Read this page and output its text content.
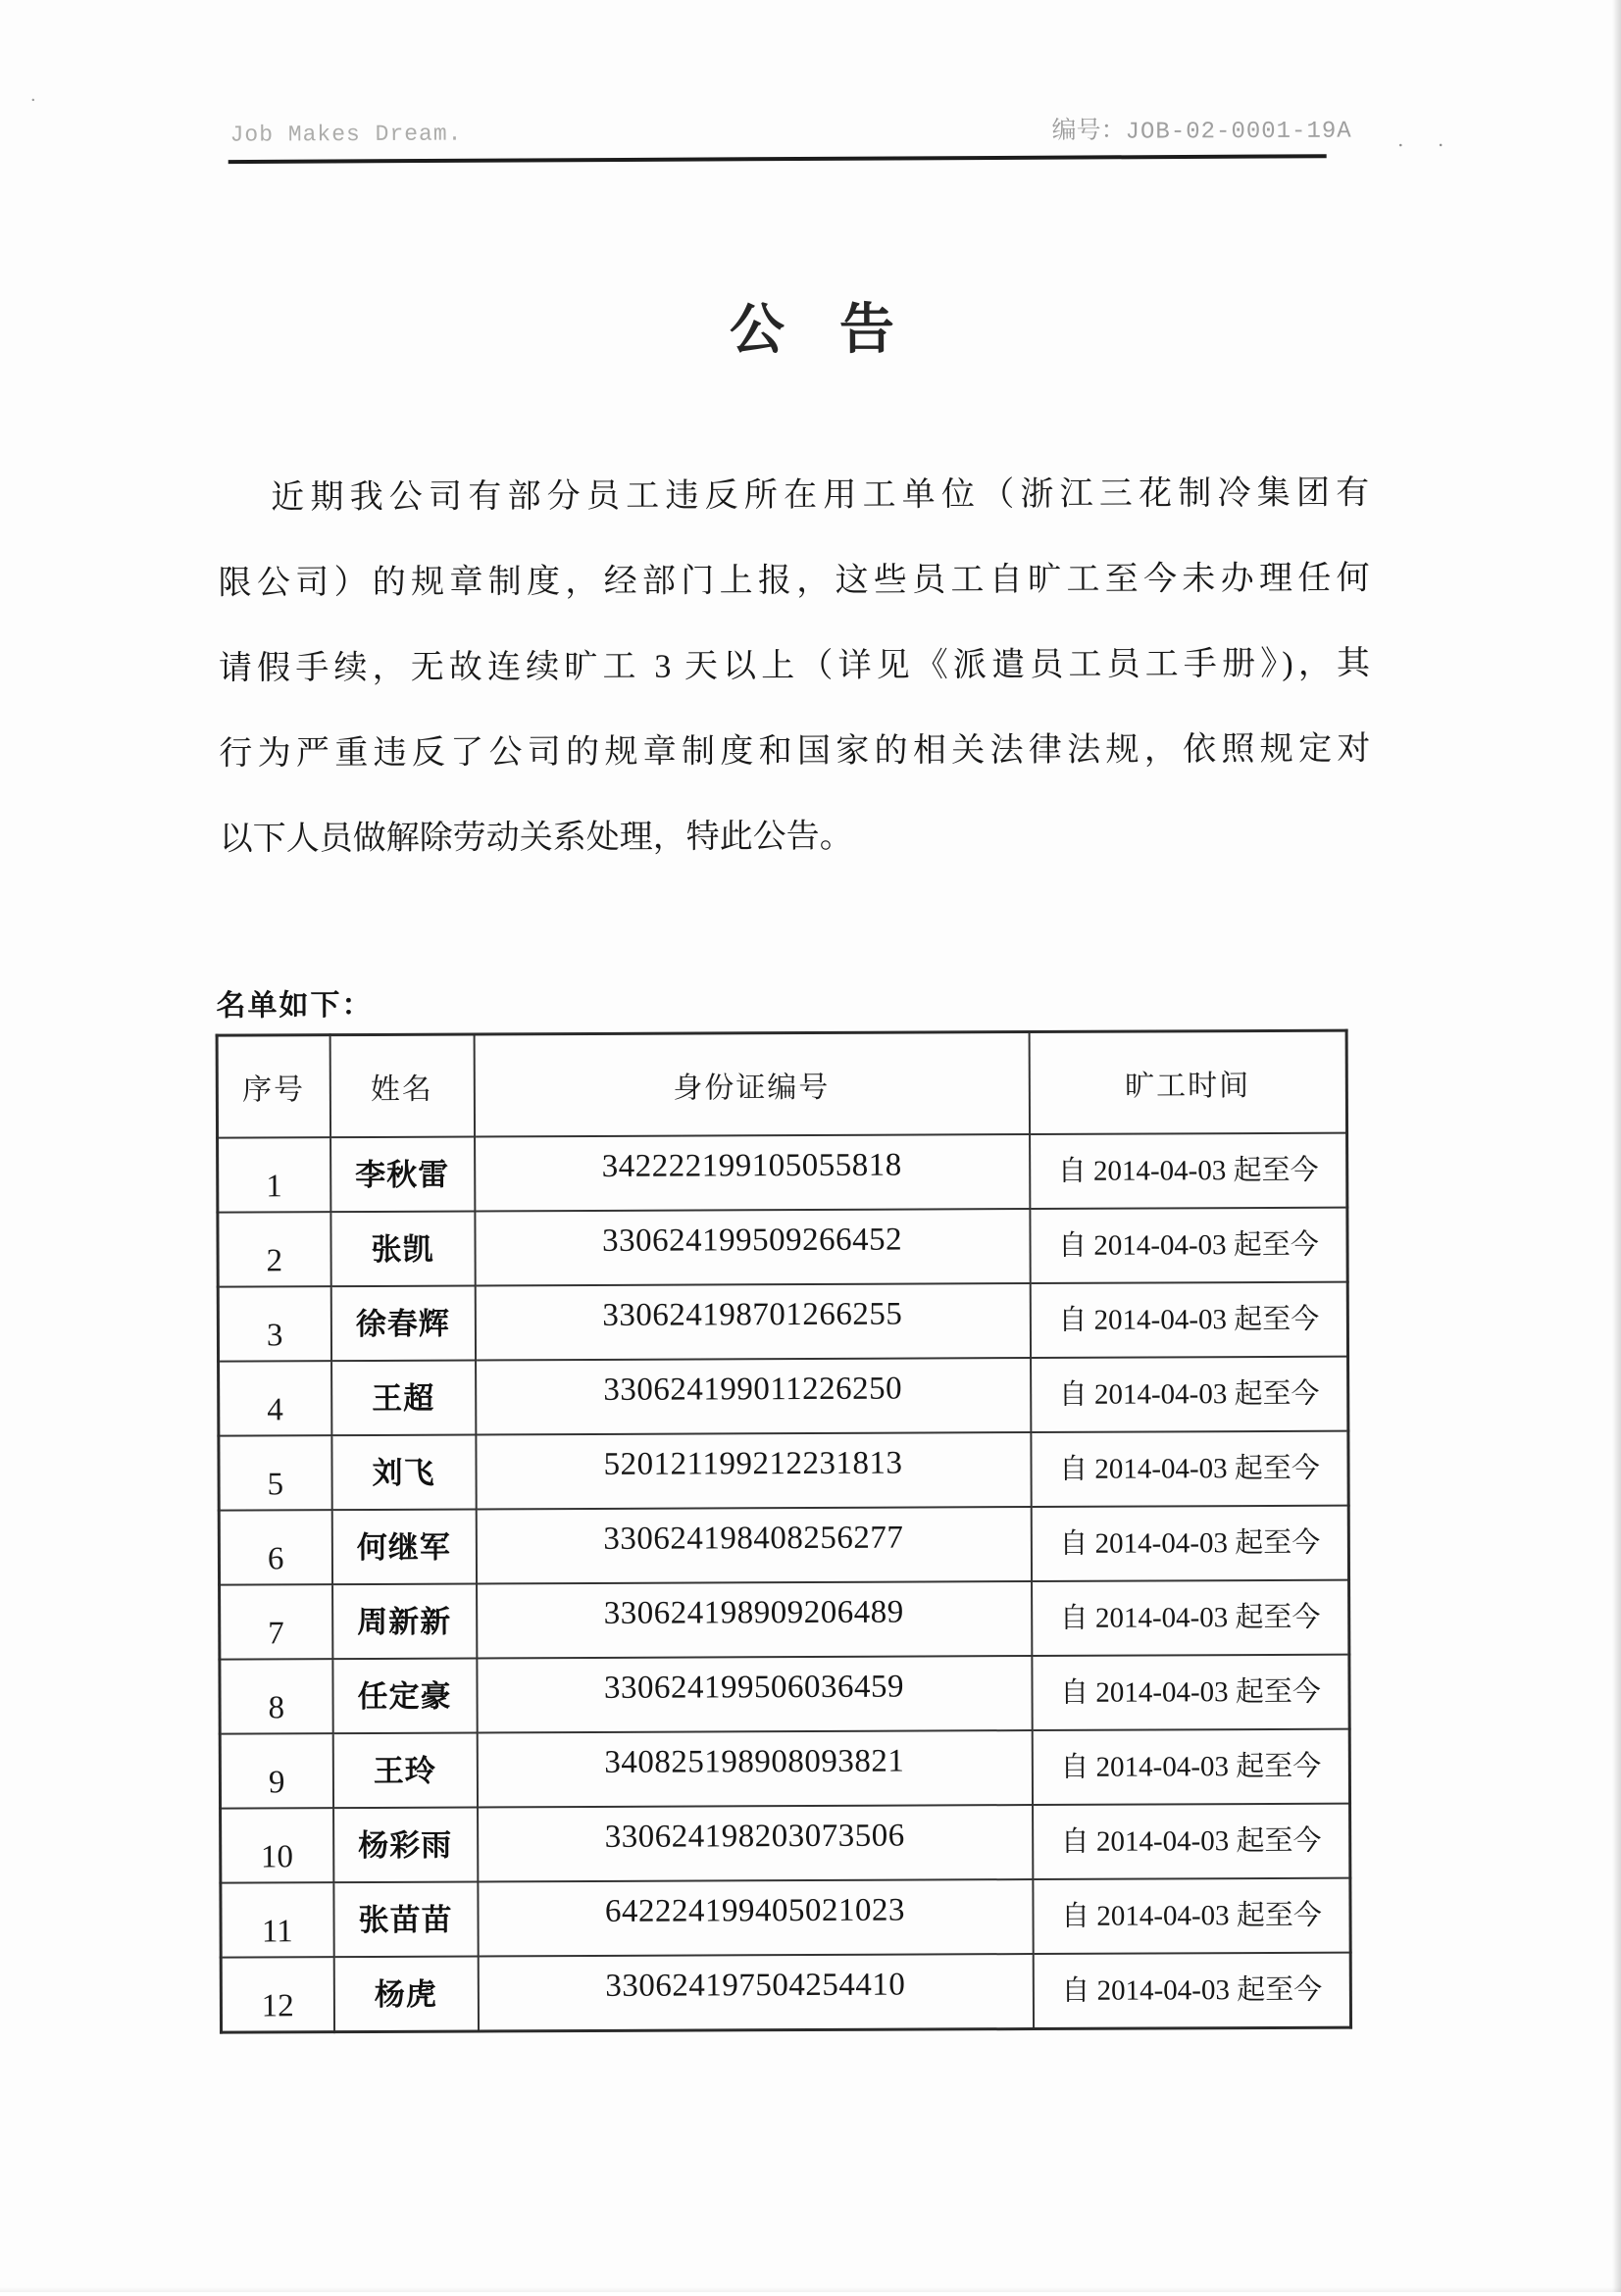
·
Job Makes Dream.	编号：JOB-02-0001-19A · ·
公　告
近期我公司有部分员工违反所在用工单位（浙江三花制冷集团有
限公司）的规章制度，经部门上报，这些员工自旷工至今未办理任何
请假手续，无故连续旷工 3 天以上（详见《派遣员工员工手册》)，其
行为严重违反了公司的规章制度和国家的相关法律法规，依照规定对
以下人员做解除劳动关系处理，特此公告。
名单如下：
序号	姓名	身份证编号	旷工时间
1	李秋雷	342222199105055818	自 2014-04-03 起至今
2	张凯	330624199509266452	自 2014-04-03 起至今
3	徐春辉	330624198701266255	自 2014-04-03 起至今
4	王超	330624199011226250	自 2014-04-03 起至今
5	刘飞	520121199212231813	自 2014-04-03 起至今
6	何继军	330624198408256277	自 2014-04-03 起至今
7	周新新	330624198909206489	自 2014-04-03 起至今
8	任定豪	330624199506036459	自 2014-04-03 起至今
9	王玲	340825198908093821	自 2014-04-03 起至今
10	杨彩雨	330624198203073506	自 2014-04-03 起至今
11	张苗苗	642224199405021023	自 2014-04-03 起至今
12	杨虎	330624197504254410	自 2014-04-03 起至今
